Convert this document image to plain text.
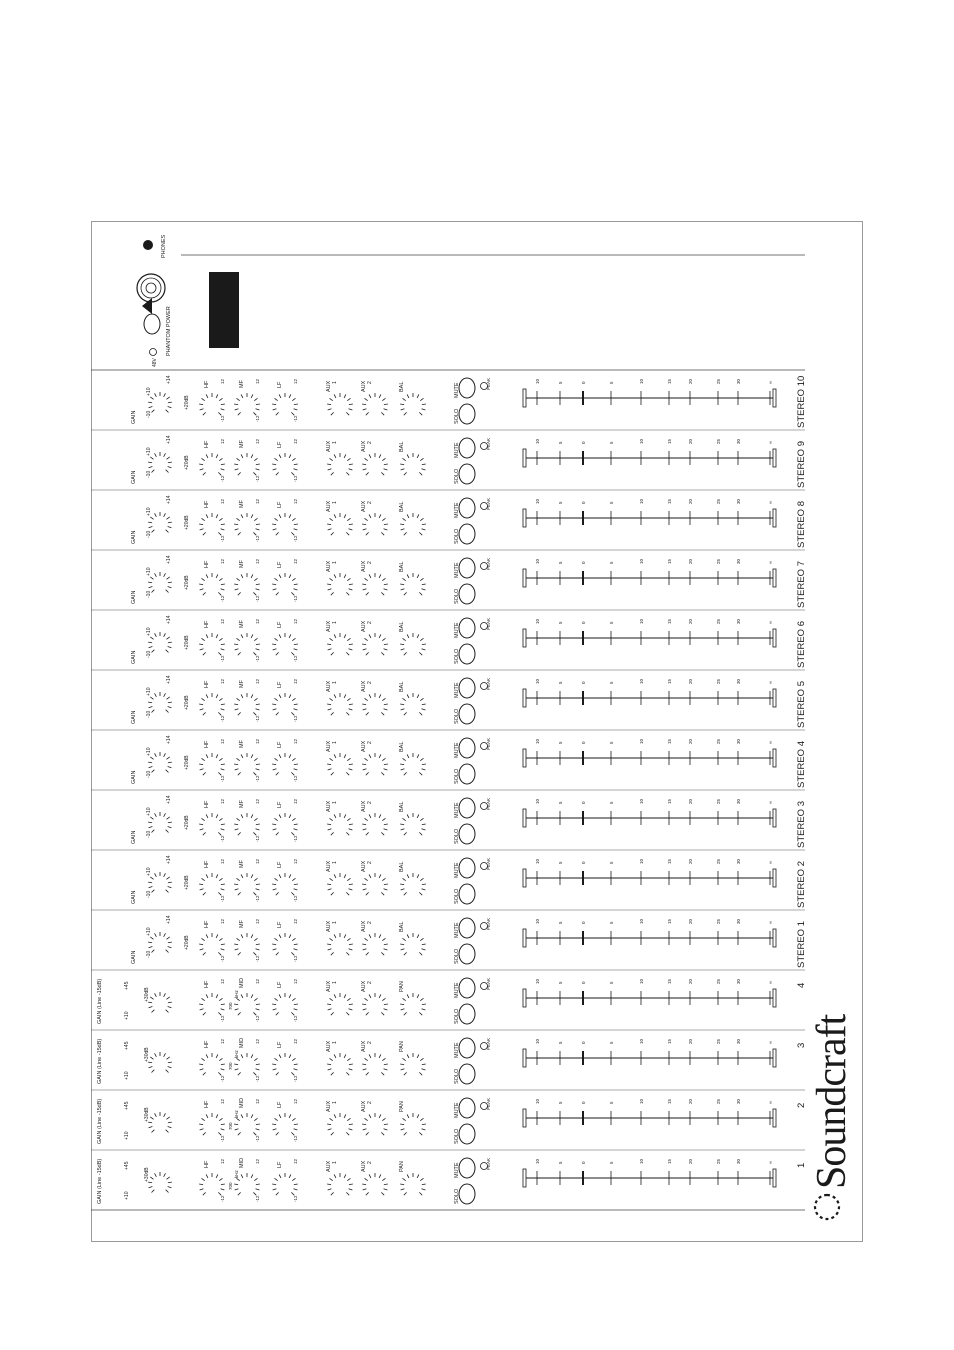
GAIN (Line -15dB)	+10
+45
+30dB
HF
-12
12	MID
-12
12
LF
-12
12
700
kHz
AUX 1	AUX 2	PAN
SOLO
MUTE	PEAK	10	5	0	5	10	15	20	25	30	∞
1
GAIN (Line -15dB)	+10
+45
+30dB
HF
-12
12	MID
-12
12
LF
-12
12
700
kHz
AUX 1	AUX 2	PAN
SOLO
MUTE	PEAK	10	5	0	5	10	15	20	25	30	∞
2
GAIN (Line -15dB)	+10
+45
+30dB
HF
-12
12	MID
-12
12
LF
-12
12
700
kHz
AUX 1	AUX 2	PAN
SOLO
MUTE	PEAK	10	5	0	5	10	15	20	25	30	∞
3
GAIN (Line -15dB)	+10
+45
+30dB
HF
-12
12	MID
-12
12
LF
-12
12
700
kHz
AUX 1	AUX 2	PAN
SOLO
MUTE	PEAK	10	5	0	5	10	15	20	25	30	∞
4
GAIN -10
+10
+14
+20dB
HF
-12
12	MF
-12
12
LF
-12
12	AUX 1	AUX 2	BAL
SOLO
MUTE	PEAK	10	5	0	5	10	15	20	25	30	∞ STEREO 1
GAIN -10
+10
+14
+20dB
HF
-12
12	MF
-12
12
LF
-12
12	AUX 1	AUX 2	BAL
SOLO
MUTE	PEAK	10	5	0	5	10	15	20	25	30	∞ STEREO 2
GAIN -10
+10
+14
+20dB
HF
-12
12	MF
-12
12
LF
-12
12	AUX 1	AUX 2	BAL
SOLO
MUTE	PEAK	10	5	0	5	10	15	20	25	30	∞ STEREO 3
GAIN -10
+10
+14
+20dB
HF
-12
12	MF
-12
12
LF
-12
12	AUX 1	AUX 2	BAL
SOLO
MUTE	PEAK	10	5	0	5	10	15	20	25	30	∞ STEREO 4
GAIN -10
+10
+14
+20dB
HF
-12
12	MF
-12
12
LF
-12
12	AUX 1	AUX 2	BAL
SOLO
MUTE	PEAK	10	5	0	5	10	15	20	25	30	∞ STEREO 5
GAIN -10
+10
+14
+20dB
HF
-12
12	MF
-12
12
LF
-12
12	AUX 1	AUX 2	BAL
SOLO
MUTE	PEAK	10	5	0	5	10	15	20	25	30	∞ STEREO 6
GAIN -10
+10
+14
+20dB
HF
-12
12	MF
-12
12
LF
-12
12	AUX 1	AUX 2	BAL
SOLO
MUTE	PEAK	10	5	0	5	10	15	20	25	30	∞ STEREO 7
GAIN -10
+10
+14
+20dB
HF
-12
12	MF
-12
12
LF
-12
12	AUX 1	AUX 2	BAL
SOLO
MUTE	PEAK	10	5	0	5	10	15	20	25	30	∞ STEREO 8
GAIN -10
+10
+14
+20dB
HF
-12
12	MF
-12
12
LF
-12
12	AUX 1	AUX 2	BAL
SOLO
MUTE	PEAK	10	5	0	5	10	15	20	25	30	∞ STEREO 9
GAIN -10
+10
+14
+20dB
HF
-12
12	MF
-12
12
LF
-12
12	AUX 1	AUX 2	BAL
SOLO
MUTE	PEAK	10	5	0	5	10	15	20	25	30	∞ STEREO 10
48V
PHANTOM POWER
PHONES
Soundcraft
